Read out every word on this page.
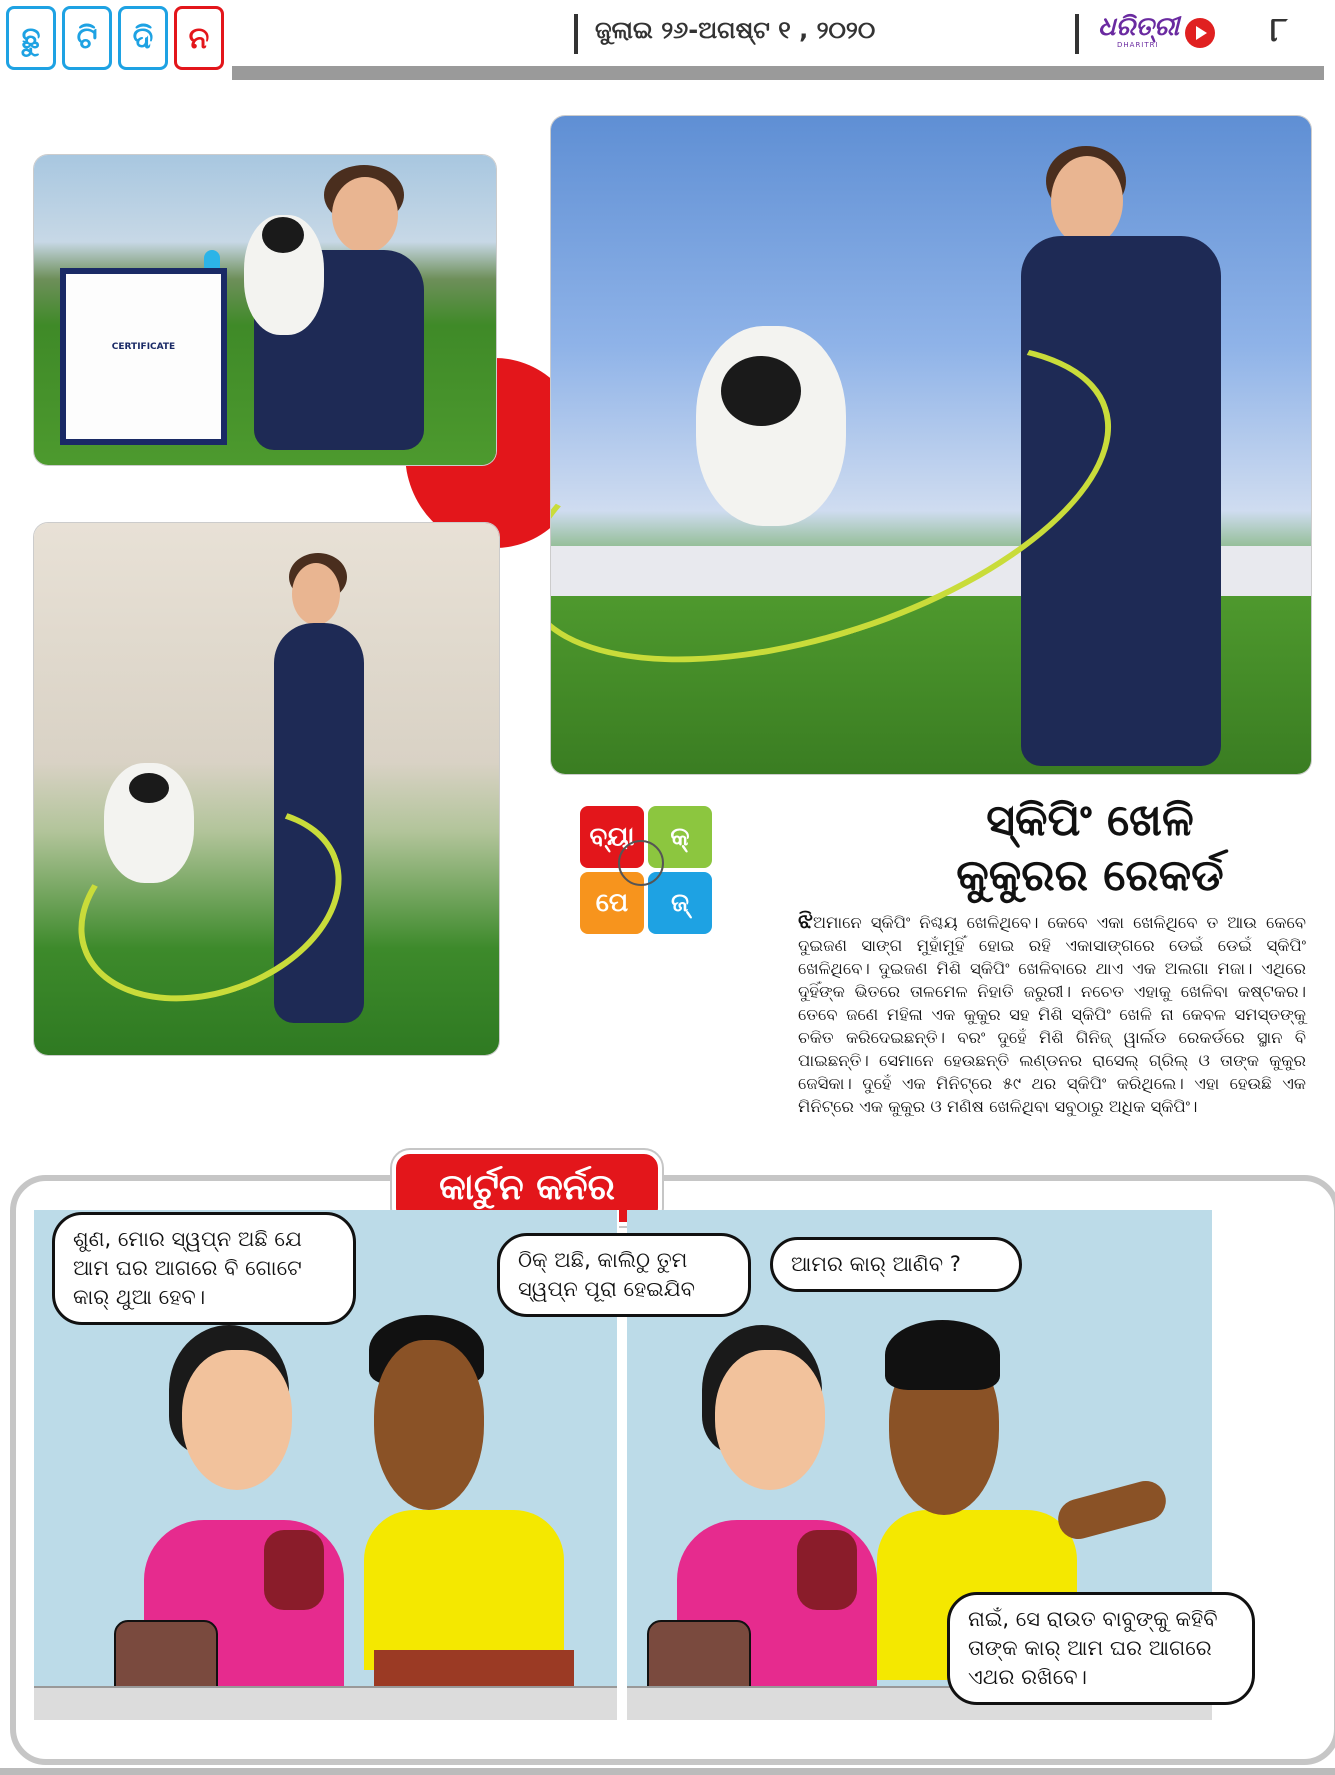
ଛୁ	ଟି	ଦି	ନ	ଜୁଲାଇ ୨୬-ଅଗଷ୍ଟ ୧ , ୨୦୨୦	ଧରିତ୍ରୀ
DHARITRI	୮
CERTIFICATE
ବ୍ୟା	କ୍
ପେ	ଜ୍
ସ୍କିପିଂ ଖେଳି
କୁକୁରର ରେକର୍ଡ
ଝିଅମାନେ ସ୍କିପିଂ ନିଶ୍ଚୟ ଖେଳିଥିବେ। କେବେ ଏକା ଖେଳିଥିବେ ତ ଆଉ କେବେ ଦୁଇଜଣ ସାଙ୍ଗ ମୁହାଁମୁହିଁ ହୋଇ ରହି ଏକାସାଙ୍ଗରେ ଡେଇଁ ଡେଇଁ ସ୍କିପିଂ ଖେଳିଥିବେ। ଦୁଇଜଣ ମିଶି ସ୍କିପିଂ ଖେଳିବାରେ ଥାଏ ଏକ ଅଲଗା ମଜା। ଏଥିରେ ଦୁହିଁଙ୍କ ଭିତରେ ତାଳମେଳ ନିହାତି ଜରୁରୀ। ନଚେତ ଏହାକୁ ଖେଳିବା କଷ୍ଟକର। ତେବେ ଜଣେ ମହିଳା ଏକ କୁକୁର ସହ ମିଶି ସ୍କିପିଂ ଖେଳି ନା କେବଳ ସମସ୍ତଙ୍କୁ ଚକିତ କରିଦେଇଛନ୍ତି। ବରଂ ଦୁହେଁ ମିଶି ଗିନିଜ୍ ୱାର୍ଲଡ ରେକର୍ଡରେ ସ୍ଥାନ ବି ପାଇଛନ୍ତି। ସେମାନେ ହେଉଛନ୍ତି ଲଣ୍ଡନର ରାସେଲ୍ ଗ୍ରିଲ୍ ଓ ତାଙ୍କ କୁକୁର ଜେସିକା। ଦୁହେଁ ଏକ ମିନିଟ୍‌ରେ ୫୯ ଥର ସ୍କିପିଂ କରିଥିଲେ। ଏହା ହେଉଛି ଏକ ମିନିଟ୍‌ରେ ଏକ କୁକୁର ଓ ମଣିଷ ଖେଳିଥିବା ସବୁଠାରୁ ଅଧିକ ସ୍କିପିଂ।
କାର୍ଟୁନ କର୍ନର
ଶୁଣ, ମୋର ସ୍ୱପ୍ନ ଅଛି ଯେ
ଆମ ଘର ଆଗରେ ବି ଗୋଟେ
କାର୍ ଥୁଆ ହେବ।
ଠିକ୍ ଅଛି, କାଲିଠୁ ତୁମ
ସ୍ୱପ୍ନ ପୂରା ହେଇଯିବ
ଆମର କାର୍ ଆଣିବ ?
ନାଇଁ, ସେ ରାଉତ ବାବୁଙ୍କୁ କହିବି
ତାଙ୍କ କାର୍ ଆମ ଘର ଆଗରେ
ଏଥର ରଖିବେ।
